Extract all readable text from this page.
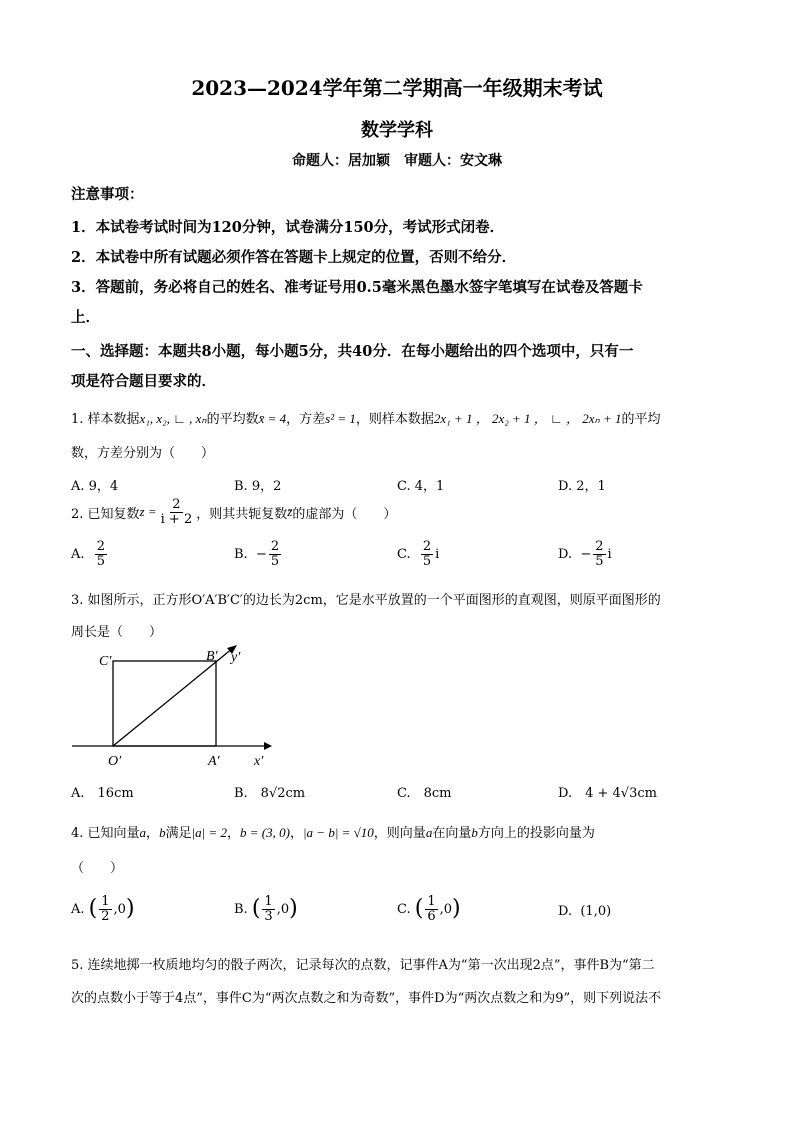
2023—2024学年第二学期高一年级期末考试
数学学科
命题人：居加颖　审题人：安文琳
注意事项：
1．本试卷考试时间为120分钟，试卷满分150分，考试形式闭卷．
2．本试卷中所有试题必须作答在答题卡上规定的位置，否则不给分．
3．答题前，务必将自己的姓名、准考证号用0.5毫米黑色墨水签字笔填写在试卷及答题卡
上．
一、选择题：本题共8小题，每小题5分，共40分．在每小题给出的四个选项中，只有一
项是符合题目要求的．
1. 样本数据x₁, x₂, ∟ , xₙ的平均数x̄ = 4，方差s² = 1，则样本数据2x₁ + 1 ， 2x₂ + 1 ， ∟ ， 2xₙ + 1的平均
数，方差分别为（　　）
A. 9，4	B. 9，2	C. 4，1	D. 2，1
2. 已知复数 $z = \frac{2}{i + 2}$ ，则其共轭复数 z̄ 的虚部为（　　）
A.
$\frac{2}{5}$	B.
− $\frac{2}{5}$	C.
$\frac{2}{5}$ i	D.
− $\frac{2}{5}$ i
3. 如图所示，正方形O′A′B′C′的边长为2cm，它是水平放置的一个平面图形的直观图，则原平面图形的
周长是（　　）
C′	B′ y′
O′	A′ x′
A.　16cm	B.　8√2cm	C.　8cm	D.　4 + 4√3cm
4. 已知向量a，b满足|a| = 2，b = (3, 0)，|a − b| = √10，则向量a在向量b方向上的投影向量为
（　　）
A.
( $\frac{1}{2} ,0$ )	B.
( $\frac{1}{3} ,0$ )	C.
( $\frac{1}{6} ,0$ )	D. (1,0)
5. 连续地掷一枚质地均匀的骰子两次，记录每次的点数，记事件A为“第一次出现2点”，事件B为“第二
次的点数小于等于4点”，事件C为“两次点数之和为奇数”，事件D为“两次点数之和为9”，则下列说法不
